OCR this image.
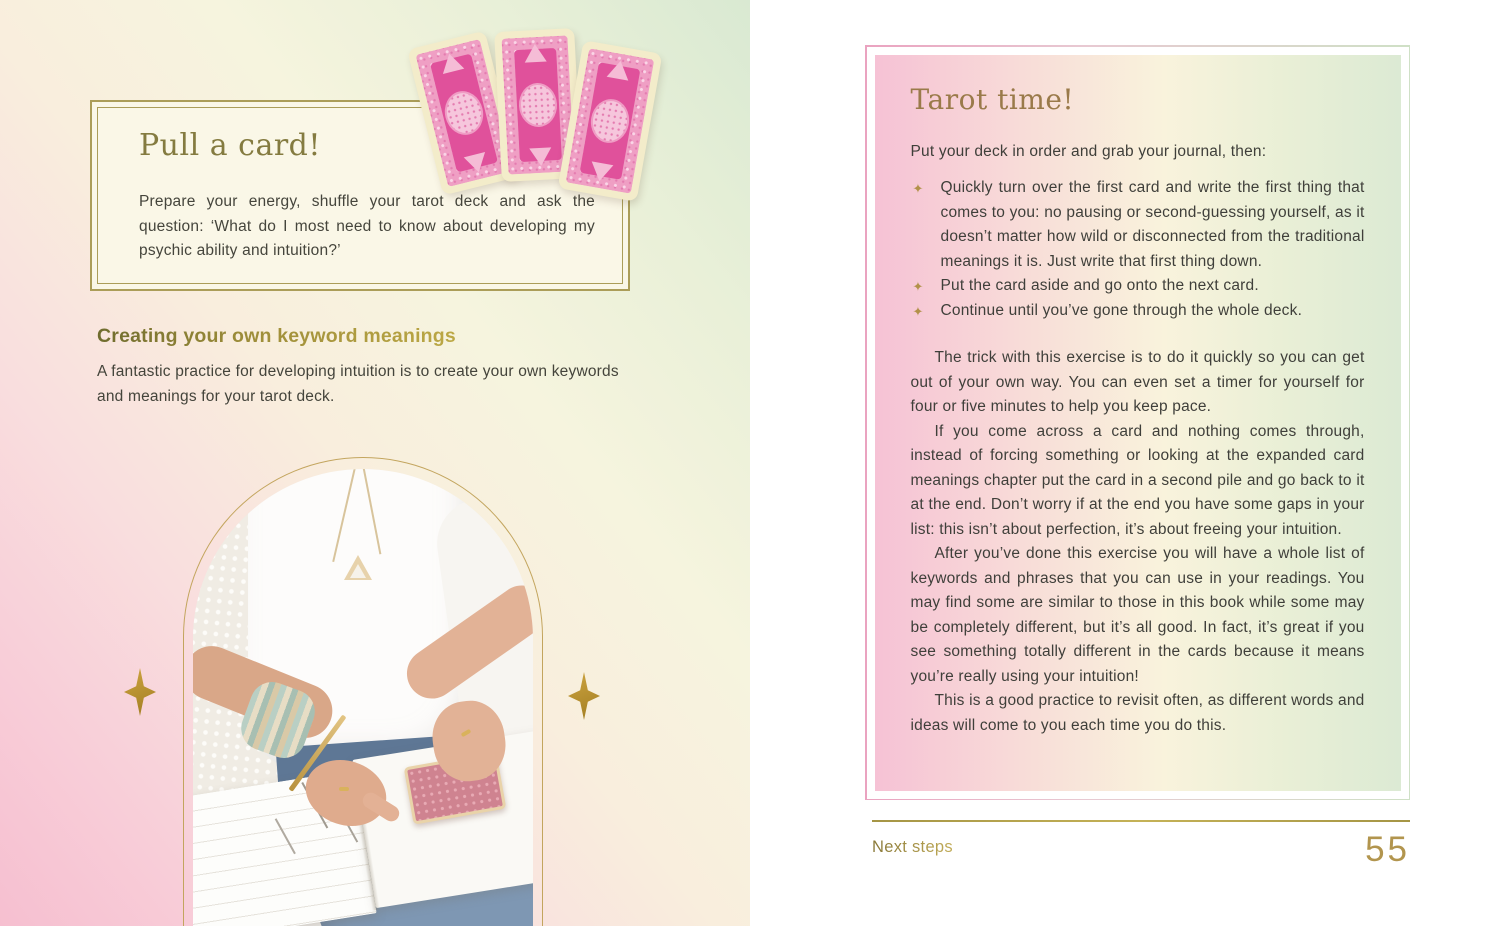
Pull a card!
Prepare your energy, shuffle your tarot deck and ask the question: ‘What do I most need to know about developing my psychic ability and intuition?’
Creating your own keyword meanings
A fantastic practice for developing intuition is to create your own keywords and meanings for your tarot deck.
Tarot time!
Put your deck in order and grab your journal, then:
✦	Quickly turn over the first card and write the first thing that comes to you: no pausing or second-guessing yourself, as it doesn’t matter how wild or disconnected from the traditional meanings it is. Just write that first thing down.
✦	Put the card aside and go onto the next card.
✦	Continue until you’ve gone through the whole deck.

The trick with this exercise is to do it quickly so you can get out of your own way. You can even set a timer for yourself for four or five minutes to help you keep pace.

If you come across a card and nothing comes through, instead of forcing something or looking at the expanded card meanings chapter put the card in a second pile and go back to it at the end. Don’t worry if at the end you have some gaps in your list: this isn’t about perfection, it’s about freeing your intuition.

After you’ve done this exercise you will have a whole list of keywords and phrases that you can use in your readings. You may find some are similar to those in this book while some may be completely different, but it’s all good. In fact, it’s great if you see something totally different in the cards because it means you’re really using your intuition!

This is a good practice to revisit often, as different words and ideas will come to you each time you do this.

Next steps	55
